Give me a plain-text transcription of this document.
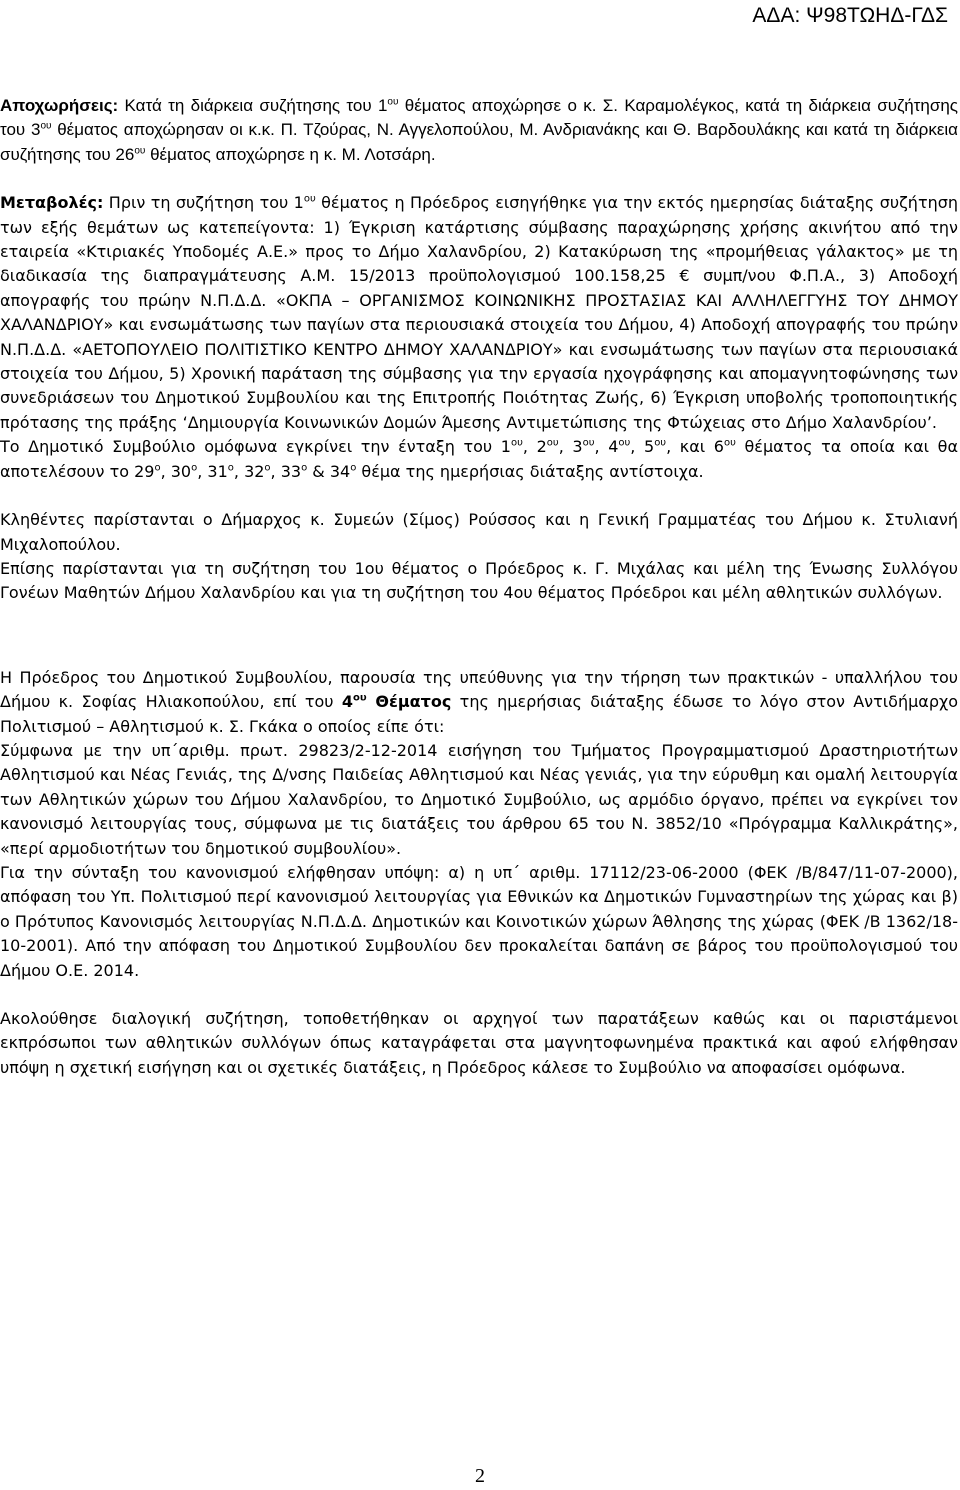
ΑΔΑ: Ψ98ΤΩΗΔ-ΓΔΣ

Αποχωρήσεις: Κατά τη διάρκεια συζήτησης του $1^{o\upsilon}$ θέματος αποχώρησε ο κ. Σ. Καραμολέγκος, κατά τη διάρκεια συζήτησης του $3^{o\upsilon}$ θέματος αποχώρησαν οι κ.κ. Π. Τζούρας, Ν. Αγγελοπούλου, Μ. Ανδριανάκης και Θ. Βαρδουλάκης και κατά τη διάρκεια συζήτησης του $26^{o\upsilon}$ θέματος αποχώρησε η κ. Μ. Λοτσάρη.

Μεταβολές: Πριν τη συζήτηση του $1^{o\upsilon}$ θέματος η Πρόεδρος εισηγήθηκε για την εκτός ημερησίας διάταξης συζήτηση των εξής θεμάτων ως κατεπείγοντα: 1) Έγκριση κατάρτισης σύμβασης παραχώρησης χρήσης ακινήτου από την εταιρεία «Κτιριακές Υποδομές Α.Ε.» προς το Δήμο Χαλανδρίου, 2) Κατακύρωση της «προμήθειας γάλακτος» με τη διαδικασία της διαπραγμάτευσης Α.Μ. 15/2013 προϋπολογισμού 100.158,25 € συμπ/νου Φ.Π.Α., 3) Αποδοχή απογραφής του πρώην Ν.Π.Δ.Δ. «ΟΚΠΑ – ΟΡΓΑΝΙΣΜΟΣ ΚΟΙΝΩΝΙΚΗΣ ΠΡΟΣΤΑΣΙΑΣ ΚΑΙ ΑΛΛΗΛΕΓΓΥΗΣ ΤΟΥ ΔΗΜΟΥ ΧΑΛΑΝΔΡΙΟΥ» και ενσωμάτωσης των παγίων στα περιουσιακά στοιχεία του Δήμου, 4) Αποδοχή απογραφής του πρώην Ν.Π.Δ.Δ. «ΑΕΤΟΠΟΥΛΕΙΟ ΠΟΛΙΤΙΣΤΙΚΟ ΚΕΝΤΡΟ ΔΗΜΟΥ ΧΑΛΑΝΔΡΙΟΥ» και ενσωμάτωσης των παγίων στα περιουσιακά στοιχεία του Δήμου, 5) Χρονική παράταση της σύμβασης για την εργασία ηχογράφησης και απομαγνητοφώνησης των συνεδριάσεων του Δημοτικού Συμβουλίου και της Επιτροπής Ποιότητας Ζωής, 6) Έγκριση υποβολής τροποποιητικής πρότασης της πράξης ‘Δημιουργία Κοινωνικών Δομών Άμεσης Αντιμετώπισης της Φτώχειας στο Δήμο Χαλανδρίου’.

Το Δημοτικό Συμβούλιο ομόφωνα εγκρίνει την ένταξη του $1^{o\upsilon}$, $2^{o\upsilon}$, $3^{o\upsilon}$, $4^{o\upsilon}$, $5^{o\upsilon}$, και $6^{o\upsilon}$ θέματος τα οποία και θα αποτελέσουν το $29^o$, $30^o$, $31^o$, $32^o$, $33^o$ & $34^o$ θέμα της ημερήσιας διάταξης αντίστοιχα.

Κληθέντες παρίστανται ο Δήμαρχος κ. Συμεών (Σίμος) Ρούσσος και η Γενική Γραμματέας του Δήμου κ. Στυλιανή Μιχαλοπούλου.

Επίσης παρίστανται για τη συζήτηση του 1ου θέματος ο Πρόεδρος κ. Γ. Μιχάλας και μέλη της Ένωσης Συλλόγου Γονέων Μαθητών Δήμου Χαλανδρίου και για τη συζήτηση του 4ου θέματος Πρόεδροι και μέλη αθλητικών συλλόγων.

Η Πρόεδρος του Δημοτικού Συμβουλίου, παρουσία της υπεύθυνης για την τήρηση των πρακτικών - υπαλλήλου του Δήμου κ. Σοφίας Ηλιακοπούλου, επί του $4^{o\upsilon}$ Θέματος της ημερήσιας διάταξης έδωσε το λόγο στον Αντιδήμαρχο Πολιτισμού – Αθλητισμού κ. Σ. Γκάκα ο οποίος είπε ότι:

Σύμφωνα με την υπ΄αριθμ. πρωτ. 29823/2-12-2014 εισήγηση του Τμήματος Προγραμματισμού Δραστηριοτήτων Αθλητισμού και Νέας Γενιάς, της Δ/νσης Παιδείας Αθλητισμού και Νέας γενιάς, για την εύρυθμη και ομαλή λειτουργία των Αθλητικών χώρων του Δήμου Χαλανδρίου, το Δημοτικό Συμβούλιο, ως αρμόδιο όργανο, πρέπει να εγκρίνει τον κανονισμό λειτουργίας τους, σύμφωνα με τις διατάξεις του άρθρου 65 του Ν. 3852/10 «Πρόγραμμα Καλλικράτης», «περί αρμοδιοτήτων του δημοτικού συμβουλίου».

Για την σύνταξη του κανονισμού ελήφθησαν υπόψη: α) η υπ΄ αριθμ. 17112/23-06-2000 (ΦΕΚ /Β/847/11-07-2000), απόφαση του Υπ. Πολιτισμού περί κανονισμού λειτουργίας για Εθνικών κα Δημοτικών Γυμναστηρίων της χώρας και β) ο Πρότυπος Κανονισμός λειτουργίας Ν.Π.Δ.Δ. Δημοτικών και Κοινοτικών χώρων Άθλησης της χώρας (ΦΕΚ /Β 1362/18-10-2001). Από την απόφαση του Δημοτικού Συμβουλίου δεν προκαλείται δαπάνη σε βάρος του προϋπολογισμού του Δήμου Ο.Ε. 2014.

Ακολούθησε διαλογική συζήτηση, τοποθετήθηκαν οι αρχηγοί των παρατάξεων καθώς και οι παριστάμενοι εκπρόσωποι των αθλητικών συλλόγων όπως καταγράφεται στα μαγνητοφωνημένα πρακτικά και αφού ελήφθησαν υπόψη η σχετική εισήγηση και οι σχετικές διατάξεις, η Πρόεδρος κάλεσε το Συμβούλιο να αποφασίσει ομόφωνα.

2
